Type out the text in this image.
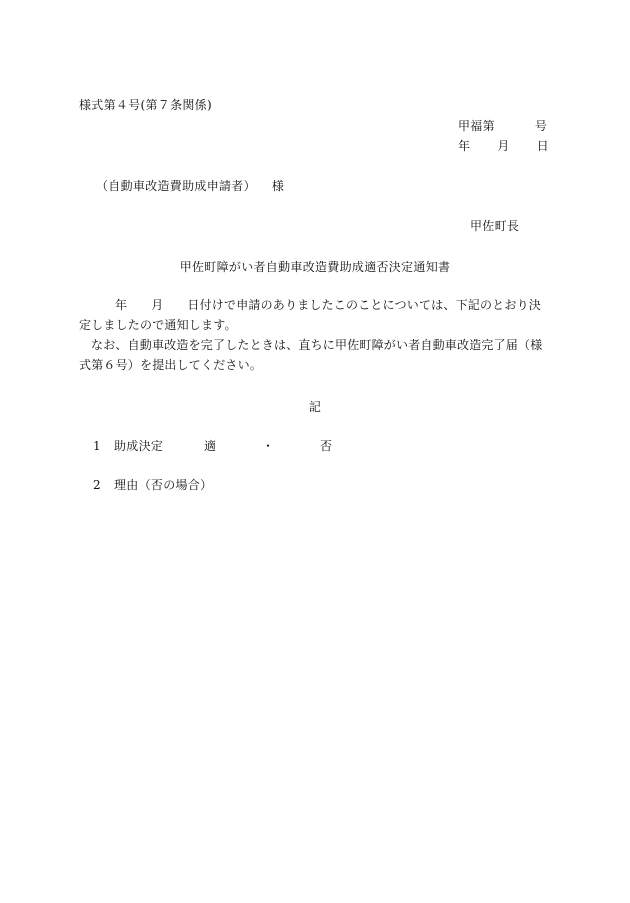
様式第４号(第７条関係)
甲福第	号
年 月 日
（自動車改造費助成申請者） 様
甲佐町長
甲佐町障がい者自動車改造費助成適否決定通知書
年 月 日付けで申請のありましたこのことについては、下記のとおり決定しましたので通知します。
なお、自動車改造を完了したときは、直ちに甲佐町障がい者自動車改造完了届（様式第６号）を提出してください。
記
1 助成決定	適	・	否
2 理由（否の場合）
